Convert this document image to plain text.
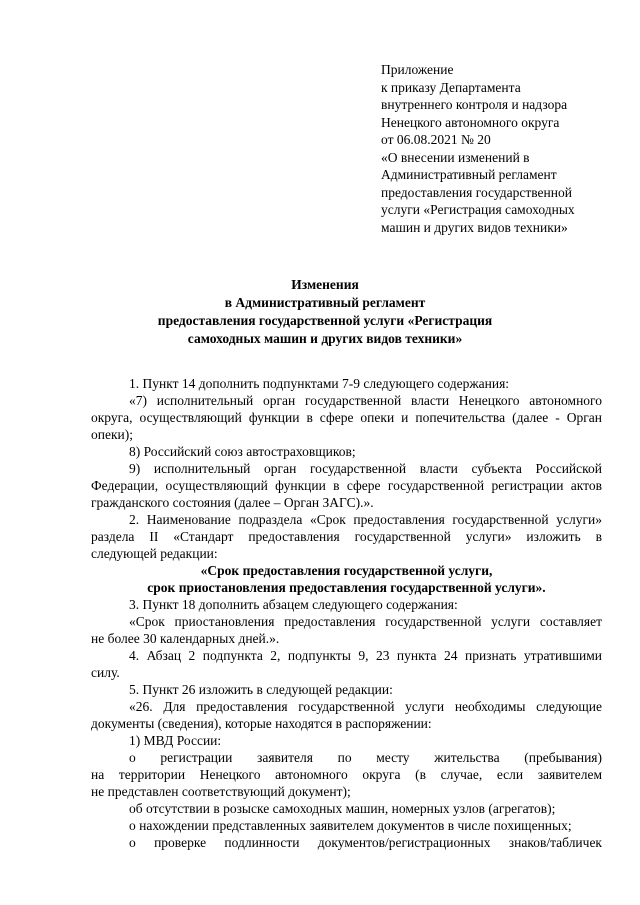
Приложение
к приказу Департамента
внутреннего контроля и надзора
Ненецкого автономного округа
от 06.08.2021 № 20
«О внесении изменений в
Административный регламент
предоставления государственной
услуги «Регистрация самоходных
машин и других видов техники»
Изменения
в Административный регламент
предоставления государственной услуги «Регистрация
самоходных машин и других видов техники»
1. Пункт 14 дополнить подпунктами 7-9 следующего содержания:
«7) исполнительный орган государственной власти Ненецкого автономного
округа, осуществляющий функции в сфере опеки и попечительства (далее - Орган
опеки);
8) Российский союз автостраховщиков;
9) исполнительный орган государственной власти субъекта Российской
Федерации, осуществляющий функции в сфере государственной регистрации актов
гражданского состояния (далее – Орган ЗАГС).».
2. Наименование подраздела «Срок предоставления государственной услуги»
раздела II «Стандарт предоставления государственной услуги» изложить в
следующей редакции:
«Срок предоставления государственной услуги,
срок приостановления предоставления государственной услуги».
3. Пункт 18 дополнить абзацем следующего содержания:
«Срок приостановления предоставления государственной услуги составляет
не более 30 календарных дней.».
4. Абзац 2 подпункта 2, подпункты 9, 23 пункта 24 признать утратившими
силу.
5. Пункт 26 изложить в следующей редакции:
«26. Для предоставления государственной услуги необходимы следующие
документы (сведения), которые находятся в распоряжении:
1) МВД России:
о регистрации заявителя по месту жительства (пребывания)
на территории Ненецкого автономного округа (в случае, если заявителем
не представлен соответствующий документ);
об отсутствии в розыске самоходных машин, номерных узлов (агрегатов);
о нахождении представленных заявителем документов в числе похищенных;
о проверке подлинности документов/регистрационных знаков/табличек
